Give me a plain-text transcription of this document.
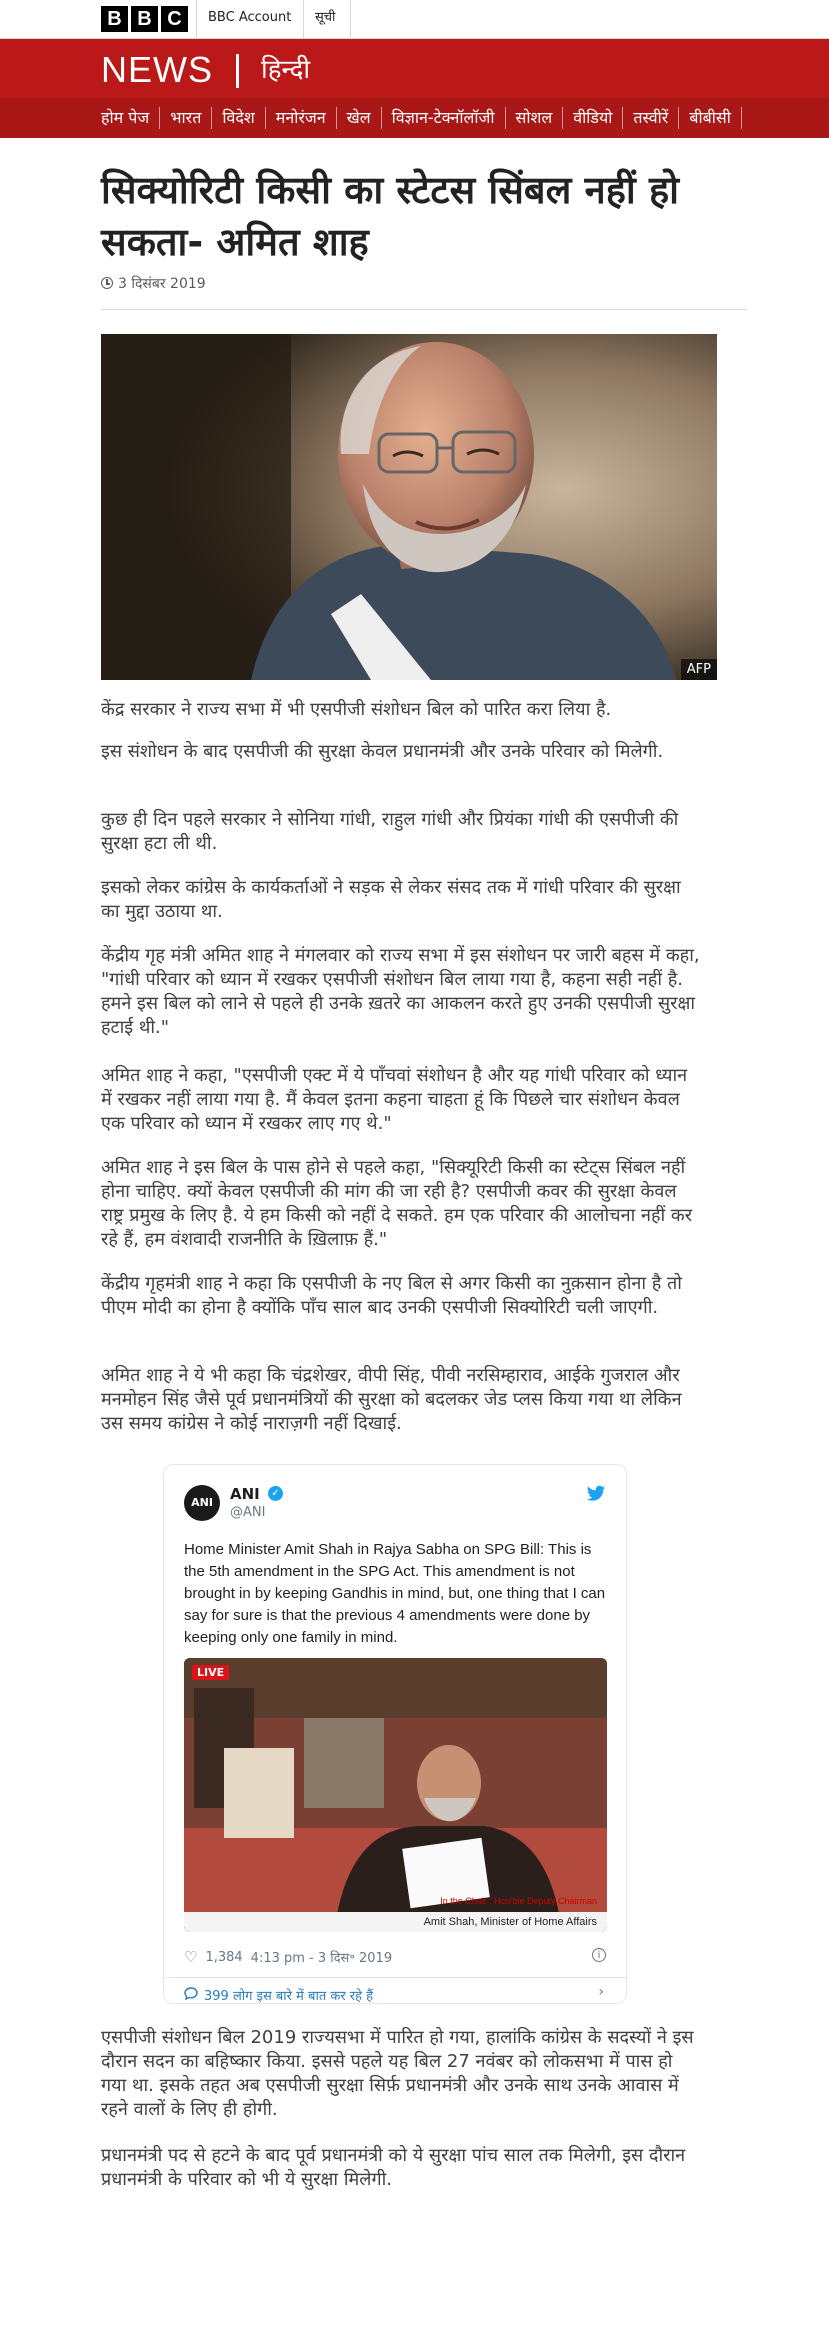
B B C	BBC Account सूची
NEWS हिन्दी
होम पेज	भारत	विदेश	मनोरंजन	खेल	विज्ञान-टेक्नॉलॉजी	सोशल	वीडियो	तस्वीरें	बीबीसी
सिक्योरिटी किसी का स्टेटस सिंबल नहीं हो सकता- अमित शाह
3 दिसंबर 2019
AFP

केंद्र सरकार ने राज्य सभा में भी एसपीजी संशोधन बिल को पारित करा लिया है.

इस संशोधन के बाद एसपीजी की सुरक्षा केवल प्रधानमंत्री और उनके परिवार को मिलेगी.

कुछ ही दिन पहले सरकार ने सोनिया गांधी, राहुल गांधी और प्रियंका गांधी की एसपीजी की सुरक्षा हटा ली थी.

इसको लेकर कांग्रेस के कार्यकर्ताओं ने सड़क से लेकर संसद तक में गांधी परिवार की सुरक्षा का मुद्दा उठाया था.

केंद्रीय गृह मंत्री अमित शाह ने मंगलवार को राज्य सभा में इस संशोधन पर जारी बहस में कहा, "गांधी परिवार को ध्यान में रखकर एसपीजी संशोधन बिल लाया गया है, कहना सही नहीं है. हमने इस बिल को लाने से पहले ही उनके ख़तरे का आकलन करते हुए उनकी एसपीजी सुरक्षा हटाई थी."

अमित शाह ने कहा, "एसपीजी एक्ट में ये पाँचवां संशोधन है और यह गांधी परिवार को ध्यान में रखकर नहीं लाया गया है. मैं केवल इतना कहना चाहता हूं कि पिछले चार संशोधन केवल एक परिवार को ध्यान में रखकर लाए गए थे."

अमित शाह ने इस बिल के पास होने से पहले कहा, "सिक्यूरिटी किसी का स्टेट्स सिंबल नहीं होना चाहिए. क्यों केवल एसपीजी की मांग की जा रही है? एसपीजी कवर की सुरक्षा केवल राष्ट्र प्रमुख के लिए है. ये हम किसी को नहीं दे सकते. हम एक परिवार की आलोचना नहीं कर रहे हैं, हम वंशवादी राजनीति के ख़िलाफ़ हैं."

केंद्रीय गृहमंत्री शाह ने कहा कि एसपीजी के नए बिल से अगर किसी का नुक़सान होना है तो पीएम मोदी का होना है क्योंकि पाँच साल बाद उनकी एसपीजी सिक्योरिटी चली जाएगी.

अमित शाह ने ये भी कहा कि चंद्रशेखर, वीपी सिंह, पीवी नरसिम्हाराव, आईके गुजराल और मनमोहन सिंह जैसे पूर्व प्रधानमंत्रियों की सुरक्षा को बदलकर जेड प्लस किया गया था लेकिन उस समय कांग्रेस ने कोई नाराज़गी नहीं दिखाई.

ANI	ANI	✓
@ANI

Home Minister Amit Shah in Rajya Sabha on SPG Bill: This is the 5th amendment in the SPG Act. This amendment is not brought in by keeping Gandhis in mind, but, one thing that I can say for sure is that the previous 4 amendments were done by keeping only one family in mind.

LIVE
In the Chair : Hon'ble Deputy Chairman
Amit Shah, Minister of Home Affairs
♡ 1,384 4:13 pm - 3 दिस॰ 2019	i
399 लोग इस बारे में बात कर रहे हैं	›

एसपीजी संशोधन बिल 2019 राज्यसभा में पारित हो गया, हालांकि कांग्रेस के सदस्यों ने इस दौरान सदन का बहिष्कार किया. इससे पहले यह बिल 27 नवंबर को लोकसभा में पास हो गया था. इसके तहत अब एसपीजी सुरक्षा सिर्फ़ प्रधानमंत्री और उनके साथ उनके आवास में रहने वालों के लिए ही होगी.

प्रधानमंत्री पद से हटने के बाद पूर्व प्रधानमंत्री को ये सुरक्षा पांच साल तक मिलेगी, इस दौरान प्रधानमंत्री के परिवार को भी ये सुरक्षा मिलेगी.
